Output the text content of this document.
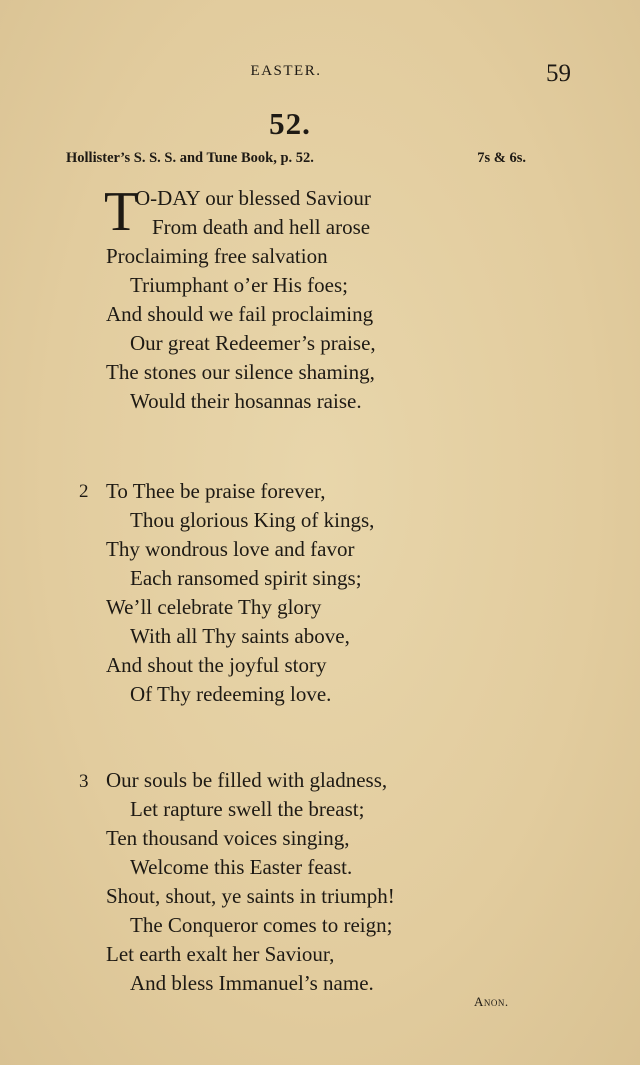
EASTER.	59
52.
Hollister’s S. S. S. and Tune Book, p. 52.	7s & 6s.
T
O-DAY our blessed Saviour
From death and hell arose
Proclaiming free salvation
Triumphant o’er His foes;
And should we fail proclaiming
Our great Redeemer’s praise,
The stones our silence shaming,
Would their hosannas raise.
2 To Thee be praise forever,
Thou glorious King of kings,
Thy wondrous love and favor
Each ransomed spirit sings;
We’ll celebrate Thy glory
With all Thy saints above,
And shout the joyful story
Of Thy redeeming love.
3 Our souls be filled with gladness,
Let rapture swell the breast;
Ten thousand voices singing,
Welcome this Easter feast.
Shout, shout, ye saints in triumph!
The Conqueror comes to reign;
Let earth exalt her Saviour,
And bless Immanuel’s name.
Anon.
